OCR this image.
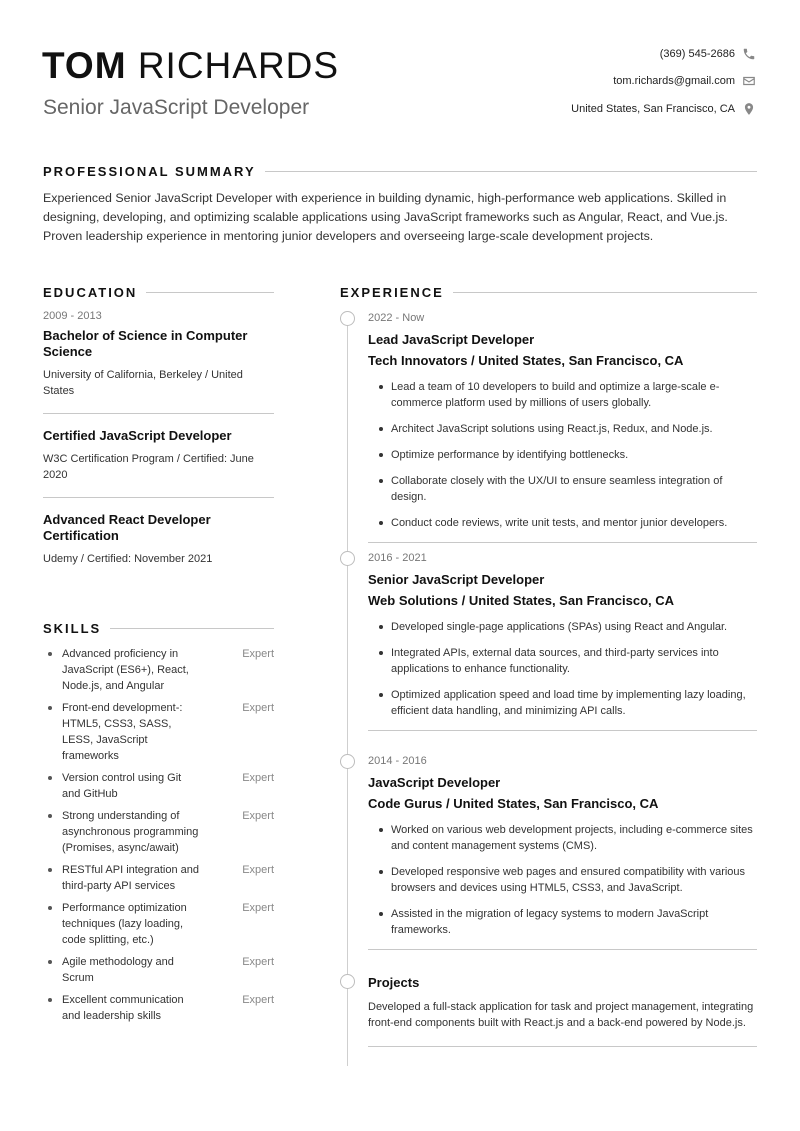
TOM RICHARDS
Senior JavaScript Developer
(369) 545-2686
tom.richards@gmail.com
United States, San Francisco, CA
PROFESSIONAL SUMMARY
Experienced Senior JavaScript Developer with experience in building dynamic, high-performance web applications. Skilled in designing, developing, and optimizing scalable applications using JavaScript frameworks such as Angular, React, and Vue.js. Proven leadership experience in mentoring junior developers and overseeing large-scale development projects.
EDUCATION
2009 - 2013
Bachelor of Science in Computer Science
University of California, Berkeley / United States
Certified JavaScript Developer
W3C Certification Program / Certified: June 2020
Advanced React Developer Certification
Udemy / Certified: November 2021
SKILLS
Advanced proficiency in JavaScript (ES6+), React, Node.js, and Angular
Expert
Front-end development-: HTML5, CSS3, SASS, LESS, JavaScript frameworks
Expert
Version control using Git and GitHub
Expert
Strong understanding of asynchronous programming (Promises, async/await)
Expert
RESTful API integration and third-party API services
Expert
Performance optimization techniques (lazy loading, code splitting, etc.)
Expert
Agile methodology and Scrum
Expert
Excellent communication and leadership skills
Expert
EXPERIENCE
2022 - Now
Lead JavaScript Developer
Tech Innovators / United States, San Francisco, CA
Lead a team of 10 developers to build and optimize a large-scale e-commerce platform used by millions of users globally.
Architect JavaScript solutions using React.js, Redux, and Node.js.
Optimize performance by identifying bottlenecks.
Collaborate closely with the UX/UI to ensure seamless integration of design.
Conduct code reviews, write unit tests, and mentor junior developers.
2016 - 2021
Senior JavaScript Developer
Web Solutions / United States, San Francisco, CA
Developed single-page applications (SPAs) using React and Angular.
Integrated APIs, external data sources, and third-party services into applications to enhance functionality.
Optimized application speed and load time by implementing lazy loading, efficient data handling, and minimizing API calls.
2014 - 2016
JavaScript Developer
Code Gurus / United States, San Francisco, CA
Worked on various web development projects, including e-commerce sites and content management systems (CMS).
Developed responsive web pages and ensured compatibility with various browsers and devices using HTML5, CSS3, and JavaScript.
Assisted in the migration of legacy systems to modern JavaScript frameworks.
Projects
Developed a full-stack application for task and project management, integrating front-end components built with React.js and a back-end powered by Node.js.
